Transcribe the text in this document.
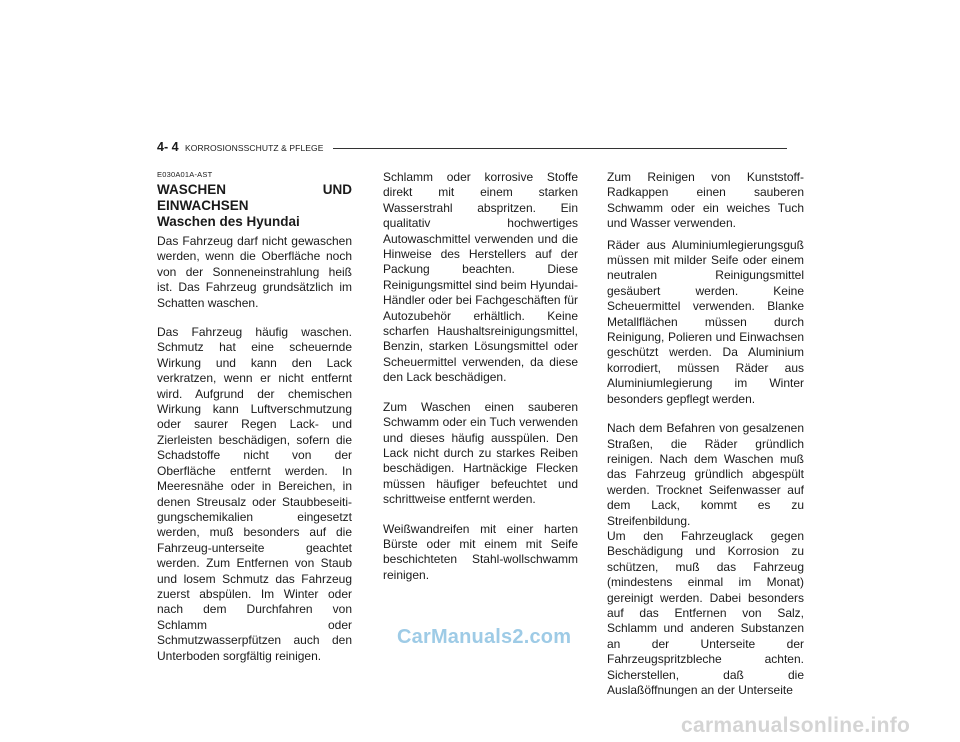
4- 4 KORROSIONSSCHUTZ & PFLEGE
E030A01A-AST
WASCHEN UND EINWACHSEN
Waschen des Hyundai

Das Fahrzeug darf nicht gewaschen werden, wenn die Oberfläche noch von der Sonneneinstrahlung heiß ist. Das Fahrzeug grundsätzlich im Schatten waschen.

Das Fahrzeug häufig waschen. Schmutz hat eine scheuernde Wirkung und kann den Lack verkratzen, wenn er nicht entfernt wird. Aufgrund der chemischen Wirkung kann Luftverschmutzung oder saurer Regen Lack- und Zierleisten beschädigen, sofern die Schadstoffe nicht von der Oberfläche entfernt werden. In Meeresnähe oder in Bereichen, in denen Streusalz oder Staubbeseiti-gungschemikalien eingesetzt werden, muß besonders auf die Fahrzeug-unterseite geachtet werden. Zum Entfernen von Staub und losem Schmutz das Fahrzeug zuerst abspülen. Im Winter oder nach dem Durchfahren von Schlamm oder Schmutzwasserpfützen auch den Unterboden sorgfältig reinigen.

Schlamm oder korrosive Stoffe direkt mit einem starken Wasserstrahl abspritzen. Ein qualitativ hochwertiges Autowaschmittel verwenden und die Hinweise des Herstellers auf der Packung beachten. Diese Reinigungsmittel sind beim Hyundai-Händler oder bei Fachgeschäften für Autozubehör erhältlich. Keine scharfen Haushaltsreinigungsmittel, Benzin, starken Lösungsmittel oder Scheuermittel verwenden, da diese den Lack beschädigen.

Zum Waschen einen sauberen Schwamm oder ein Tuch verwenden und dieses häufig ausspülen. Den Lack nicht durch zu starkes Reiben beschädigen. Hartnäckige Flecken müssen häufiger befeuchtet und schrittweise entfernt werden.

Weißwandreifen mit einer harten Bürste oder mit einem mit Seife beschichteten Stahl-wollschwamm reinigen.

Zum Reinigen von Kunststoff-Radkappen einen sauberen Schwamm oder ein weiches Tuch und Wasser verwenden.

Räder aus Aluminiumlegierungsguß müssen mit milder Seife oder einem neutralen Reinigungsmittel gesäubert werden. Keine Scheuermittel verwenden. Blanke Metallflächen müssen durch Reinigung, Polieren und Einwachsen geschützt werden. Da Aluminium korrodiert, müssen Räder aus Aluminiumlegierung im Winter besonders gepflegt werden.

Nach dem Befahren von gesalzenen Straßen, die Räder gründlich reinigen. Nach dem Waschen muß das Fahrzeug gründlich abgespült werden. Trocknet Seifenwasser auf dem Lack, kommt es zu Streifenbildung.

Um den Fahrzeuglack gegen Beschädigung und Korrosion zu schützen, muß das Fahrzeug (mindestens einmal im Monat) gereinigt werden. Dabei besonders auf das Entfernen von Salz, Schlamm und anderen Substanzen an der Unterseite der Fahrzeugspritzbleche achten. Sicherstellen, daß die Auslaßöffnungen an der Unterseite

CarManuals2.com
carmanualsonline.info
